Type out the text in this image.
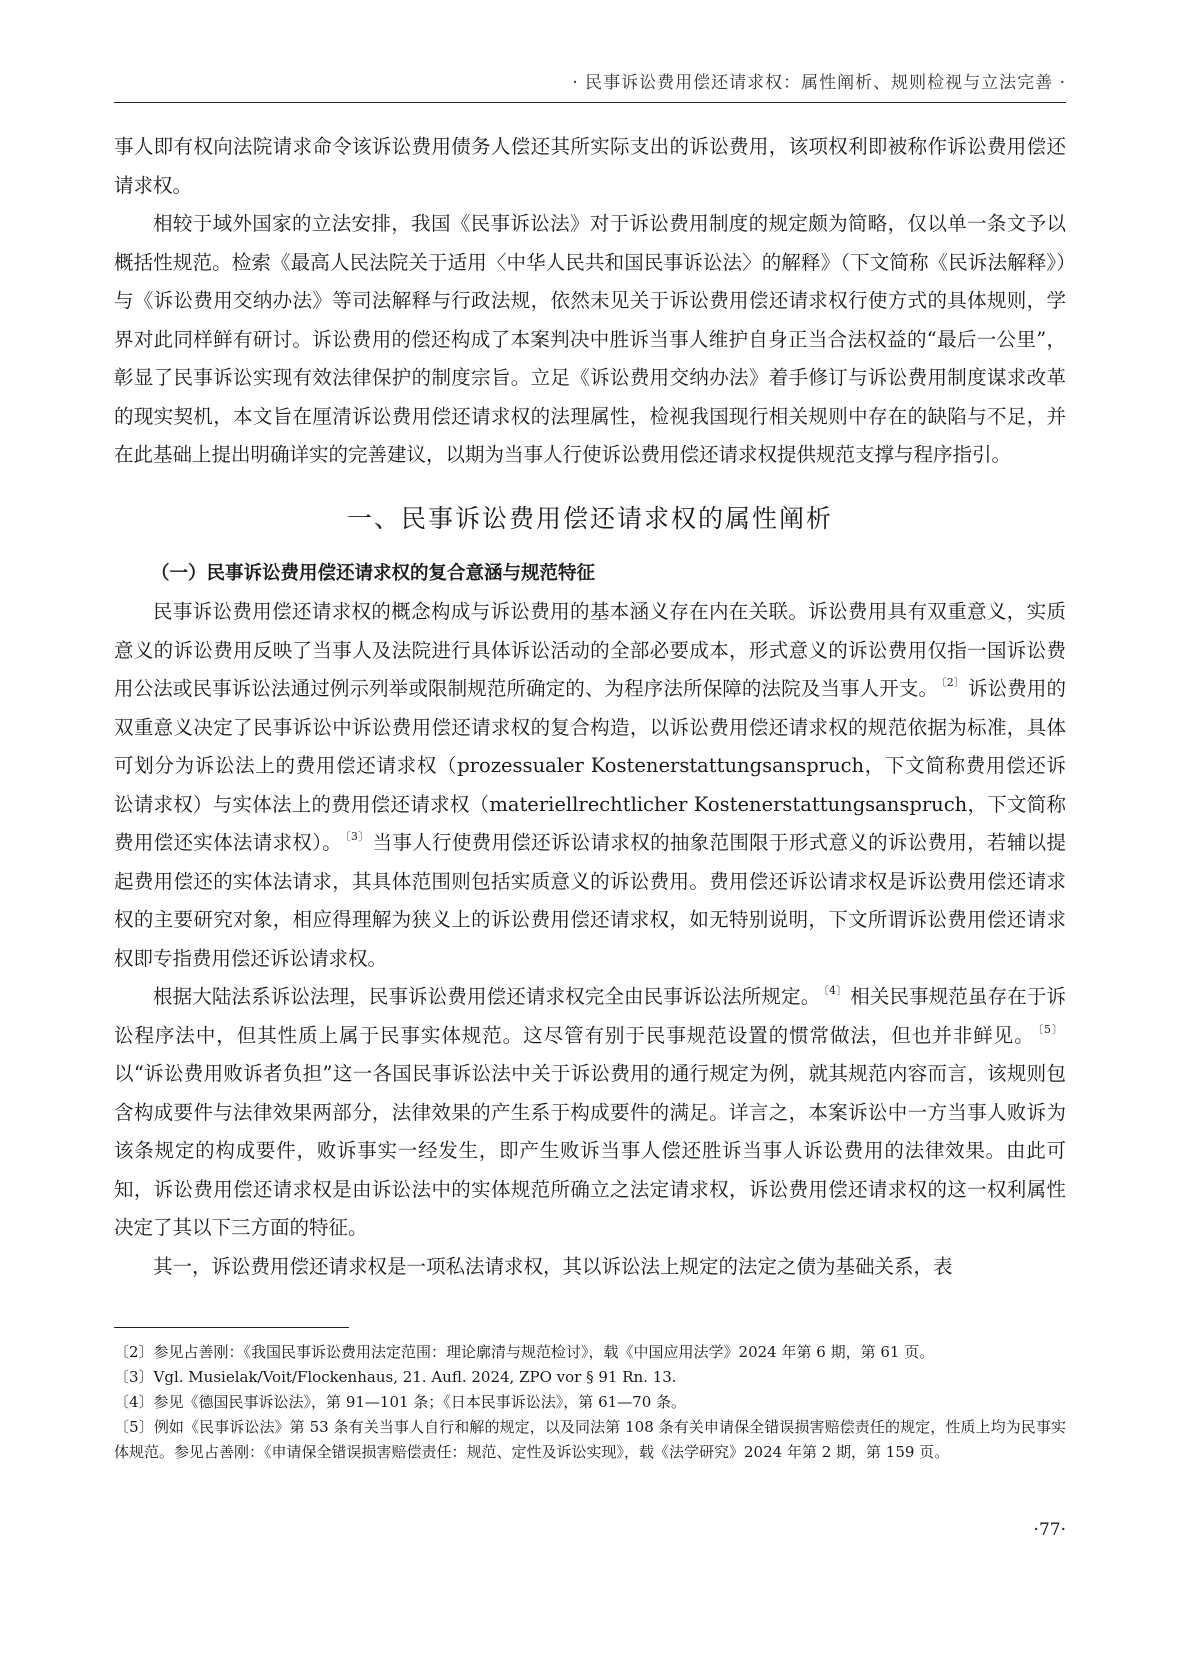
· 民事诉讼费用偿还请求权：属性阐析、规则检视与立法完善 ·

事人即有权向法院请求命令该诉讼费用债务人偿还其所实际支出的诉讼费用，该项权利即被称作诉讼费用偿还请求权。

相较于域外国家的立法安排，我国《民事诉讼法》对于诉讼费用制度的规定颇为简略，仅以单一条文予以概括性规范。检索《最高人民法院关于适用〈中华人民共和国民事诉讼法〉的解释》（下文简称《民诉法解释》）与《诉讼费用交纳办法》等司法解释与行政法规，依然未见关于诉讼费用偿还请求权行使方式的具体规则，学界对此同样鲜有研讨。诉讼费用的偿还构成了本案判决中胜诉当事人维护自身正当合法权益的“最后一公里”，彰显了民事诉讼实现有效法律保护的制度宗旨。立足《诉讼费用交纳办法》着手修订与诉讼费用制度谋求改革的现实契机，本文旨在厘清诉讼费用偿还请求权的法理属性，检视我国现行相关规则中存在的缺陷与不足，并在此基础上提出明确详实的完善建议，以期为当事人行使诉讼费用偿还请求权提供规范支撑与程序指引。

一、民事诉讼费用偿还请求权的属性阐析
（一）民事诉讼费用偿还请求权的复合意涵与规范特征

民事诉讼费用偿还请求权的概念构成与诉讼费用的基本涵义存在内在关联。诉讼费用具有双重意义，实质意义的诉讼费用反映了当事人及法院进行具体诉讼活动的全部必要成本，形式意义的诉讼费用仅指一国诉讼费用公法或民事诉讼法通过例示列举或限制规范所确定的、为程序法所保障的法院及当事人开支。 $^{〔2〕}$ 诉讼费用的双重意义决定了民事诉讼中诉讼费用偿还请求权的复合构造，以诉讼费用偿还请求权的规范依据为标准，具体可划分为诉讼法上的费用偿还请求权（prozessualer Kostenerstattungsanspruch，下文简称费用偿还诉讼请求权）与实体法上的费用偿还请求权（materiellrechtlicher Kostenerstattungsanspruch，下文简称费用偿还实体法请求权）。 $^{〔3〕}$ 当事人行使费用偿还诉讼请求权的抽象范围限于形式意义的诉讼费用，若辅以提起费用偿还的实体法请求，其具体范围则包括实质意义的诉讼费用。费用偿还诉讼请求权是诉讼费用偿还请求权的主要研究对象，相应得理解为狭义上的诉讼费用偿还请求权，如无特别说明，下文所谓诉讼费用偿还请求权即专指费用偿还诉讼请求权。

根据大陆法系诉讼法理，民事诉讼费用偿还请求权完全由民事诉讼法所规定。 $^{〔4〕}$ 相关民事规范虽存在于诉讼程序法中，但其性质上属于民事实体规范。这尽管有别于民事规范设置的惯常做法，但也并非鲜见。 $^{〔5〕}$以“诉讼费用败诉者负担”这一各国民事诉讼法中关于诉讼费用的通行规定为例，就其规范内容而言，该规则包含构成要件与法律效果两部分，法律效果的产生系于构成要件的满足。详言之，本案诉讼中一方当事人败诉为该条规定的构成要件，败诉事实一经发生，即产生败诉当事人偿还胜诉当事人诉讼费用的法律效果。由此可知，诉讼费用偿还请求权是由诉讼法中的实体规范所确立之法定请求权，诉讼费用偿还请求权的这一权利属性决定了其以下三方面的特征。

其一，诉讼费用偿还请求权是一项私法请求权，其以诉讼法上规定的法定之债为基础关系，表

〔2〕参见占善刚：《我国民事诉讼费用法定范围：理论廓清与规范检讨》，载《中国应用法学》2024 年第 6 期，第 61 页。

〔3〕Vgl. Musielak/Voit/Flockenhaus, 21. Aufl. 2024, ZPO vor § 91 Rn. 13.

〔4〕参见《德国民事诉讼法》，第 91—101 条；《日本民事诉讼法》，第 61—70 条。

〔5〕例如《民事诉讼法》第 53 条有关当事人自行和解的规定，以及同法第 108 条有关申请保全错误损害赔偿责任的规定，性质上均为民事实体规范。参见占善刚：《申请保全错误损害赔偿责任：规范、定性及诉讼实现》，载《法学研究》2024 年第 2 期，第 159 页。

·77·
